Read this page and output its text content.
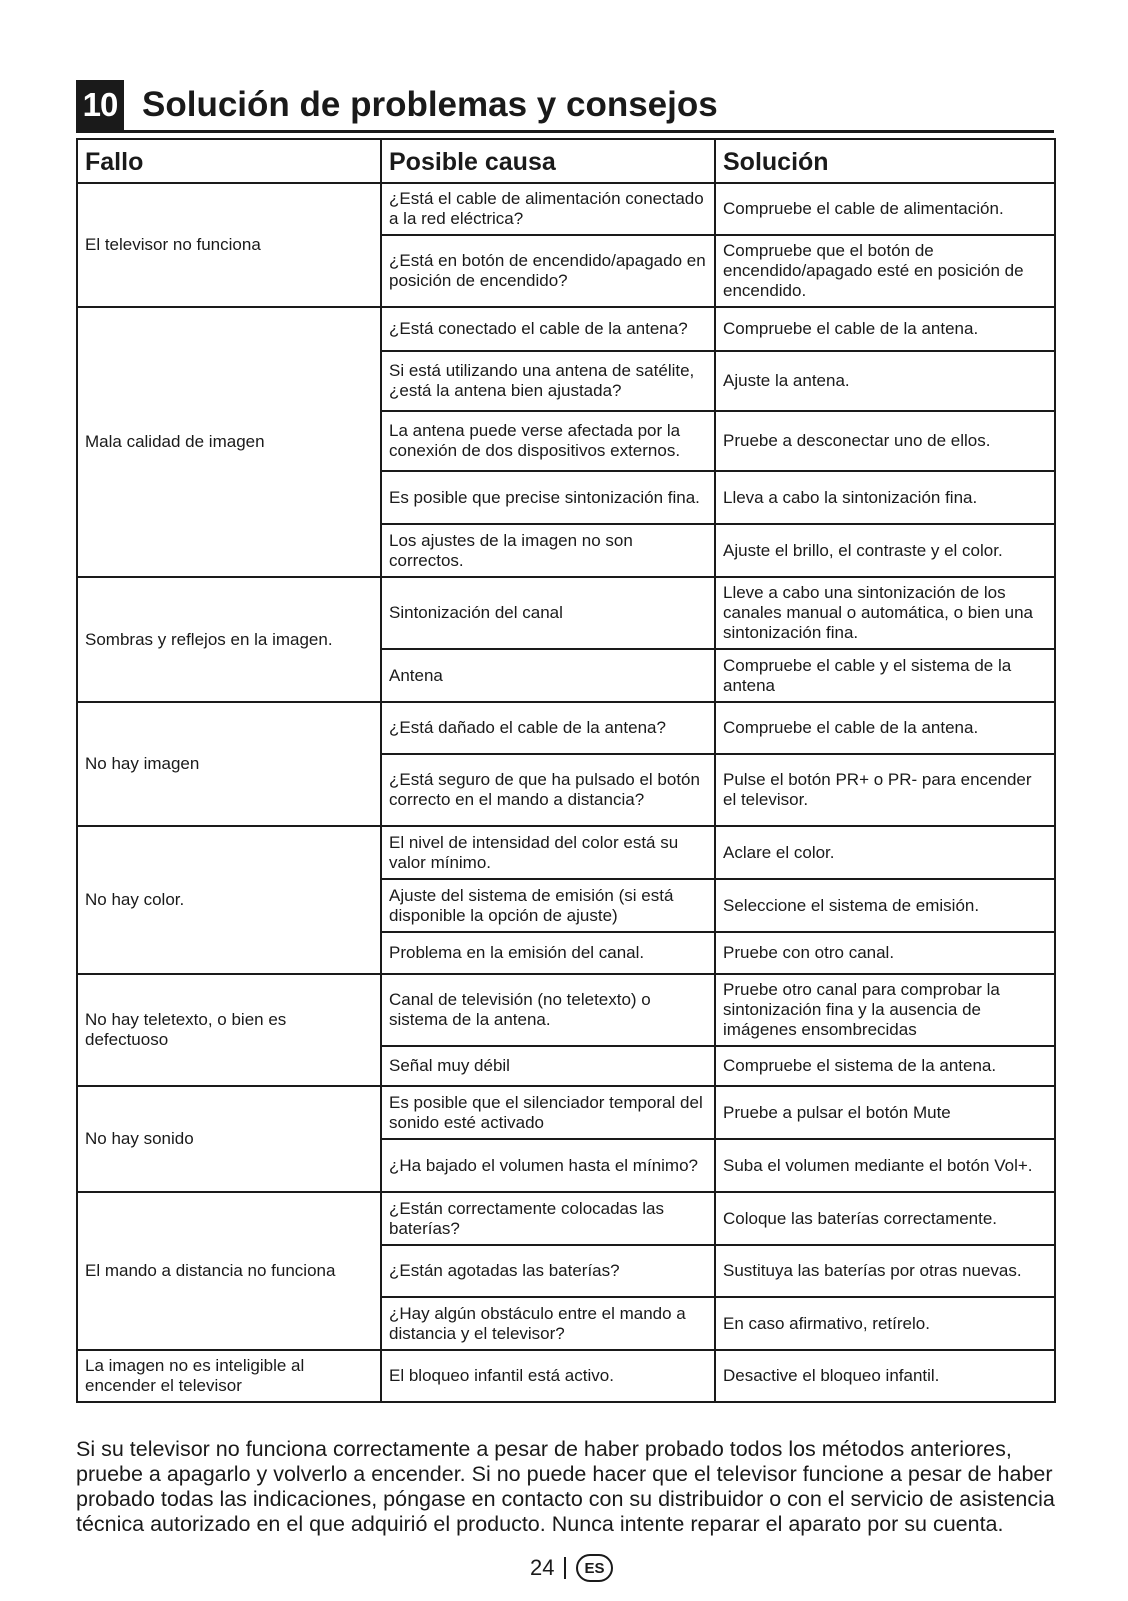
10 Solución de problemas y consejos
Fallo	Posible causa	Solución
El televisor no funciona	¿Está el cable de alimentación conectado a la red eléctrica?	Compruebe el cable de alimentación.
	¿Está en botón de encendido/apagado en posición de encendido?	Compruebe que el botón de encendido/apagado esté en posición de encendido.
Mala calidad de imagen	¿Está conectado el cable de la antena?	Compruebe el cable de la antena.
	Si está utilizando una antena de satélite, ¿está la antena bien ajustada?	Ajuste la antena.
	La antena puede verse afectada por la conexión de dos dispositivos externos.	Pruebe a desconectar uno de ellos.
	Es posible que precise sintonización fina.	Lleva a cabo la sintonización fina.
	Los ajustes de la imagen no son correctos.	Ajuste el brillo, el contraste y el color.
Sombras y reflejos en la imagen.	Sintonización del canal	Lleve a cabo una sintonización de los canales manual o automática, o bien una sintonización fina.
	Antena	Compruebe el cable y el sistema de la antena
No hay imagen	¿Está dañado el cable de la antena?	Compruebe el cable de la antena.
	¿Está seguro de que ha pulsado el botón correcto en el mando a distancia?	Pulse el botón PR+ o PR- para encender el televisor.
No hay color.	El nivel de intensidad del color está su valor mínimo.	Aclare el color.
	Ajuste del sistema de emisión (si está disponible la opción de ajuste)	Seleccione el sistema de emisión.
	Problema en la emisión del canal.	Pruebe con otro canal.
No hay teletexto, o bien es defectuoso	Canal de televisión (no teletexto) o sistema de la antena.	Pruebe otro canal para comprobar la sintonización fina y la ausencia de imágenes ensombrecidas
	Señal muy débil	Compruebe el sistema de la antena.
No hay sonido	Es posible que el silenciador temporal del sonido esté activado	Pruebe a pulsar el botón Mute
	¿Ha bajado el volumen hasta el mínimo?	Suba el volumen mediante el botón Vol+.
El mando a distancia no funciona	¿Están correctamente colocadas las baterías?	Coloque las baterías correctamente.
	¿Están agotadas las baterías?	Sustituya las baterías por otras nuevas.
	¿Hay algún obstáculo entre el mando a distancia y el televisor?	En caso afirmativo, retírelo.
La imagen no es inteligible al encender el televisor	El bloqueo infantil está activo.	Desactive el bloqueo infantil.

Si su televisor no funciona correctamente a pesar de haber probado todos los métodos anteriores, pruebe a apagarlo y volverlo a encender. Si no puede hacer que el televisor funcione a pesar de haber probado todas las indicaciones, póngase en contacto con su distribuidor o con el servicio de asistencia técnica autorizado en el que adquirió el producto. Nunca intente reparar el aparato por su cuenta.

24	ES
